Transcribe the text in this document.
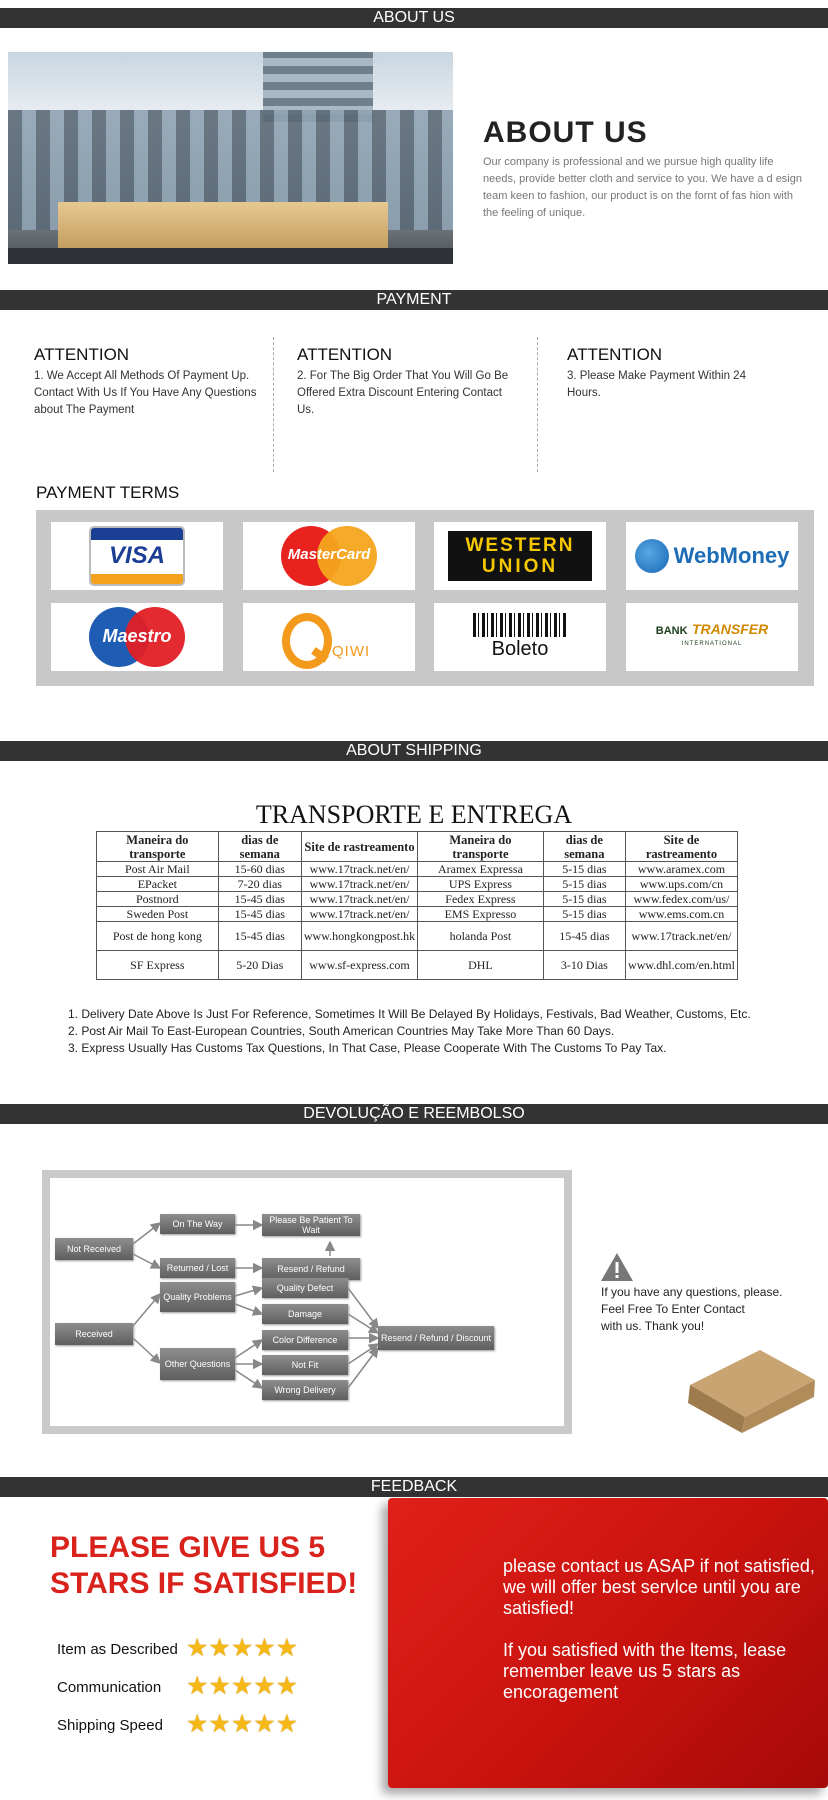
ABOUT US
ABOUT US
Our company is professional and we pursue high quality life needs, provide better cloth and service to you. We have a d esign team keen to fashion, our product is on the fornt of fas hion with the feeling of unique.
PAYMENT
ATTENTION
1. We Accept All Methods Of Payment Up. Contact With Us If You Have Any Questions about The Payment
ATTENTION
2. For The Big Order That You Will Go Be Offered Extra Discount Entering Contact Us.
ATTENTION
3. Please Make Payment Within 24 Hours.
PAYMENT TERMS
VISA	MasterCard	WESTERN
UNION	WebMoney
Maestro
QIWI	Boleto
BANK TRANSFER
INTERNATIONAL
ABOUT SHIPPING
TRANSPORTE E ENTREGA
Maneira do transporte	dias de semana	Site de rastreamento	Maneira do transporte	dias de semana	Site de rastreamento
Post Air Mail	15-60 dias	www.17track.net/en/	Aramex Expressa	5-15 dias	www.aramex.com
EPacket	7-20 dias	www.17track.net/en/	UPS Express	5-15 dias	www.ups.com/cn
Postnord	15-45 dias	www.17track.net/en/	Fedex Express	5-15 dias	www.fedex.com/us/
Sweden Post	15-45 dias	www.17track.net/en/	EMS Expresso	5-15 dias	www.ems.com.cn
Post de hong kong	15-45 dias	www.hongkongpost.hk	holanda Post	15-45 dias	www.17track.net/en/
SF Express	5-20 Dias	www.sf-express.com	DHL	3-10 Dias	www.dhl.com/en.html
1. Delivery Date Above Is Just For Reference, Sometimes It Will Be Delayed By Holidays, Festivals, Bad Weather, Customs, Etc.
2. Post Air Mail To East-European Countries, South American Countries May Take More Than 60 Days.
3. Express Usually Has Customs Tax Questions, In That Case, Please Cooperate With The Customs To Pay Tax.
DEVOLUÇÃO E REEMBOLSO
Not Received
Received
On The Way
Returned / Lost
Please Be Patient To Wait
Resend / Refund
Quality Problems
Other Questions
Quality Defect
Damage
Color Difference
Not Fit
Wrong Delivery
Resend / Refund / Discount
If you have any questions, please.
Feel Free To Enter Contact
with us. Thank you!
FEEDBACK
PLEASE GIVE US 5
STARS IF SATISFIED!
Item as Described ★★★★★
Communication ★★★★★
Shipping Speed ★★★★★
please contact us ASAP if not satisfied, we will offer best servlce until you are satisfied!
If you satisfied with the ltems, lease remember leave us 5 stars as encoragement
